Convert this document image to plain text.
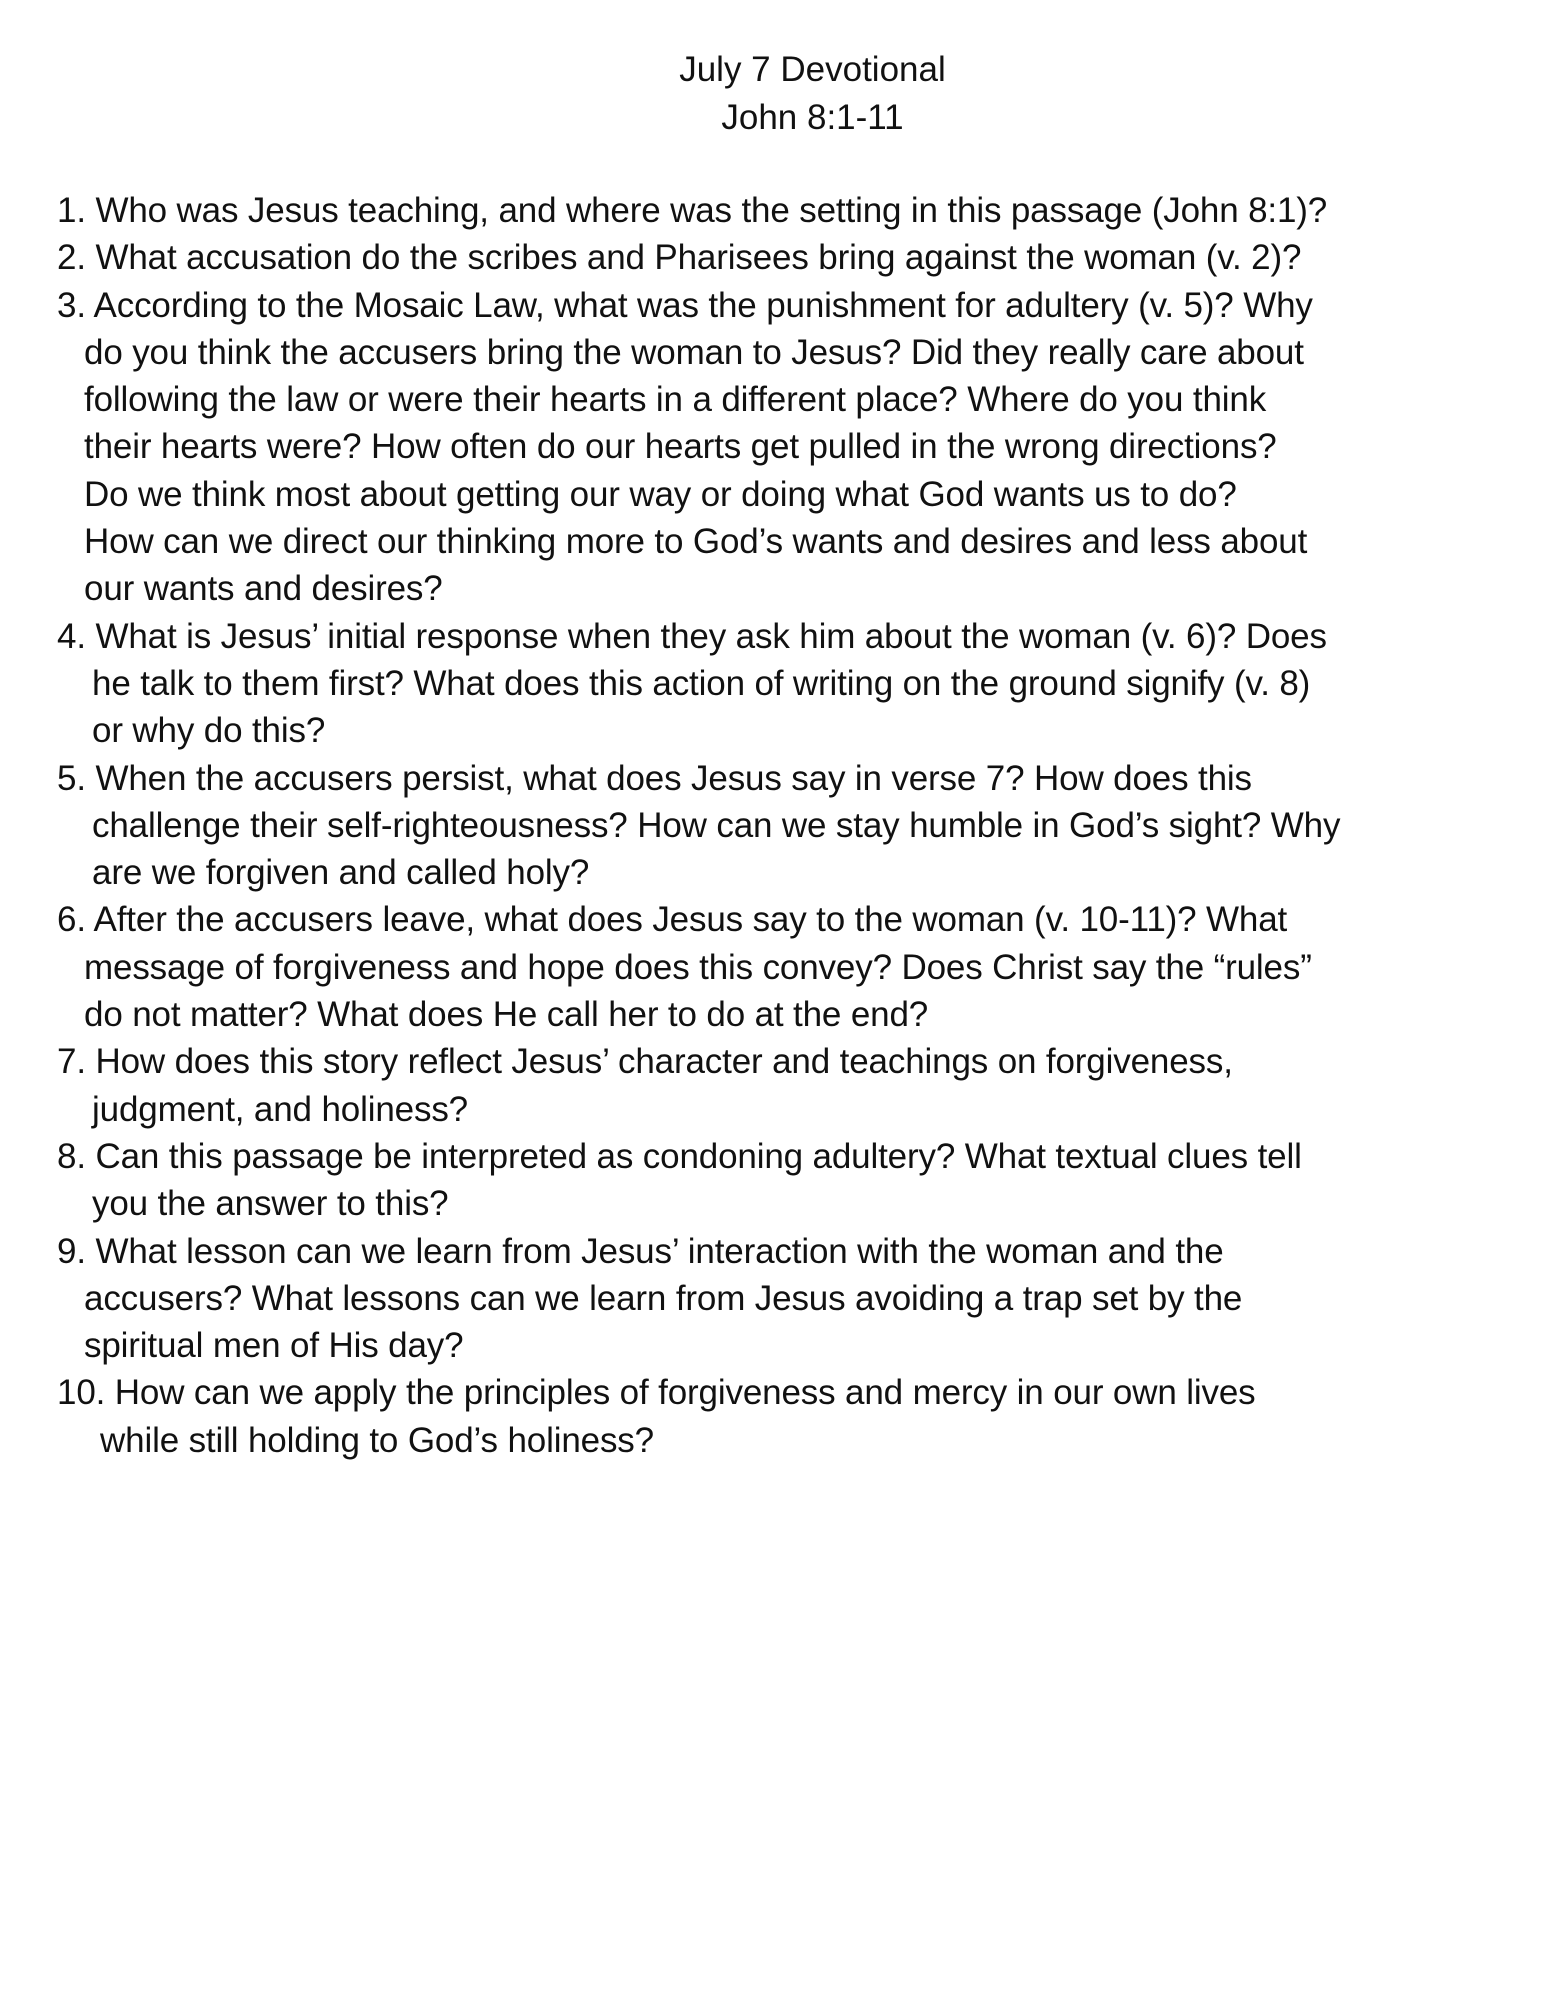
July 7 Devotional
John 8:1-11
1. Who was Jesus teaching, and where was the setting in this passage (John 8:1)?
2. What accusation do the scribes and Pharisees bring against the woman (v. 2)?
3. According to the Mosaic Law, what was the punishment for adultery (v. 5)? Why
do you think the accusers bring the woman to Jesus? Did they really care about
following the law or were their hearts in a different place? Where do you think
their hearts were? How often do our hearts get pulled in the wrong directions?
Do we think most about getting our way or doing what God wants us to do?
How can we direct our thinking more to God’s wants and desires and less about
our wants and desires?
4. What is Jesus’ initial response when they ask him about the woman (v. 6)? Does
he talk to them first? What does this action of writing on the ground signify (v. 8)
or why do this?
5. When the accusers persist, what does Jesus say in verse 7? How does this
challenge their self-righteousness? How can we stay humble in God’s sight? Why
are we forgiven and called holy?
6. After the accusers leave, what does Jesus say to the woman (v. 10-11)? What
message of forgiveness and hope does this convey? Does Christ say the “rules”
do not matter? What does He call her to do at the end?
7. How does this story reflect Jesus’ character and teachings on forgiveness,
judgment, and holiness?
8. Can this passage be interpreted as condoning adultery? What textual clues tell
you the answer to this?
9. What lesson can we learn from Jesus’ interaction with the woman and the
accusers? What lessons can we learn from Jesus avoiding a trap set by the
spiritual men of His day?
10. How can we apply the principles of forgiveness and mercy in our own lives
while still holding to God’s holiness?
